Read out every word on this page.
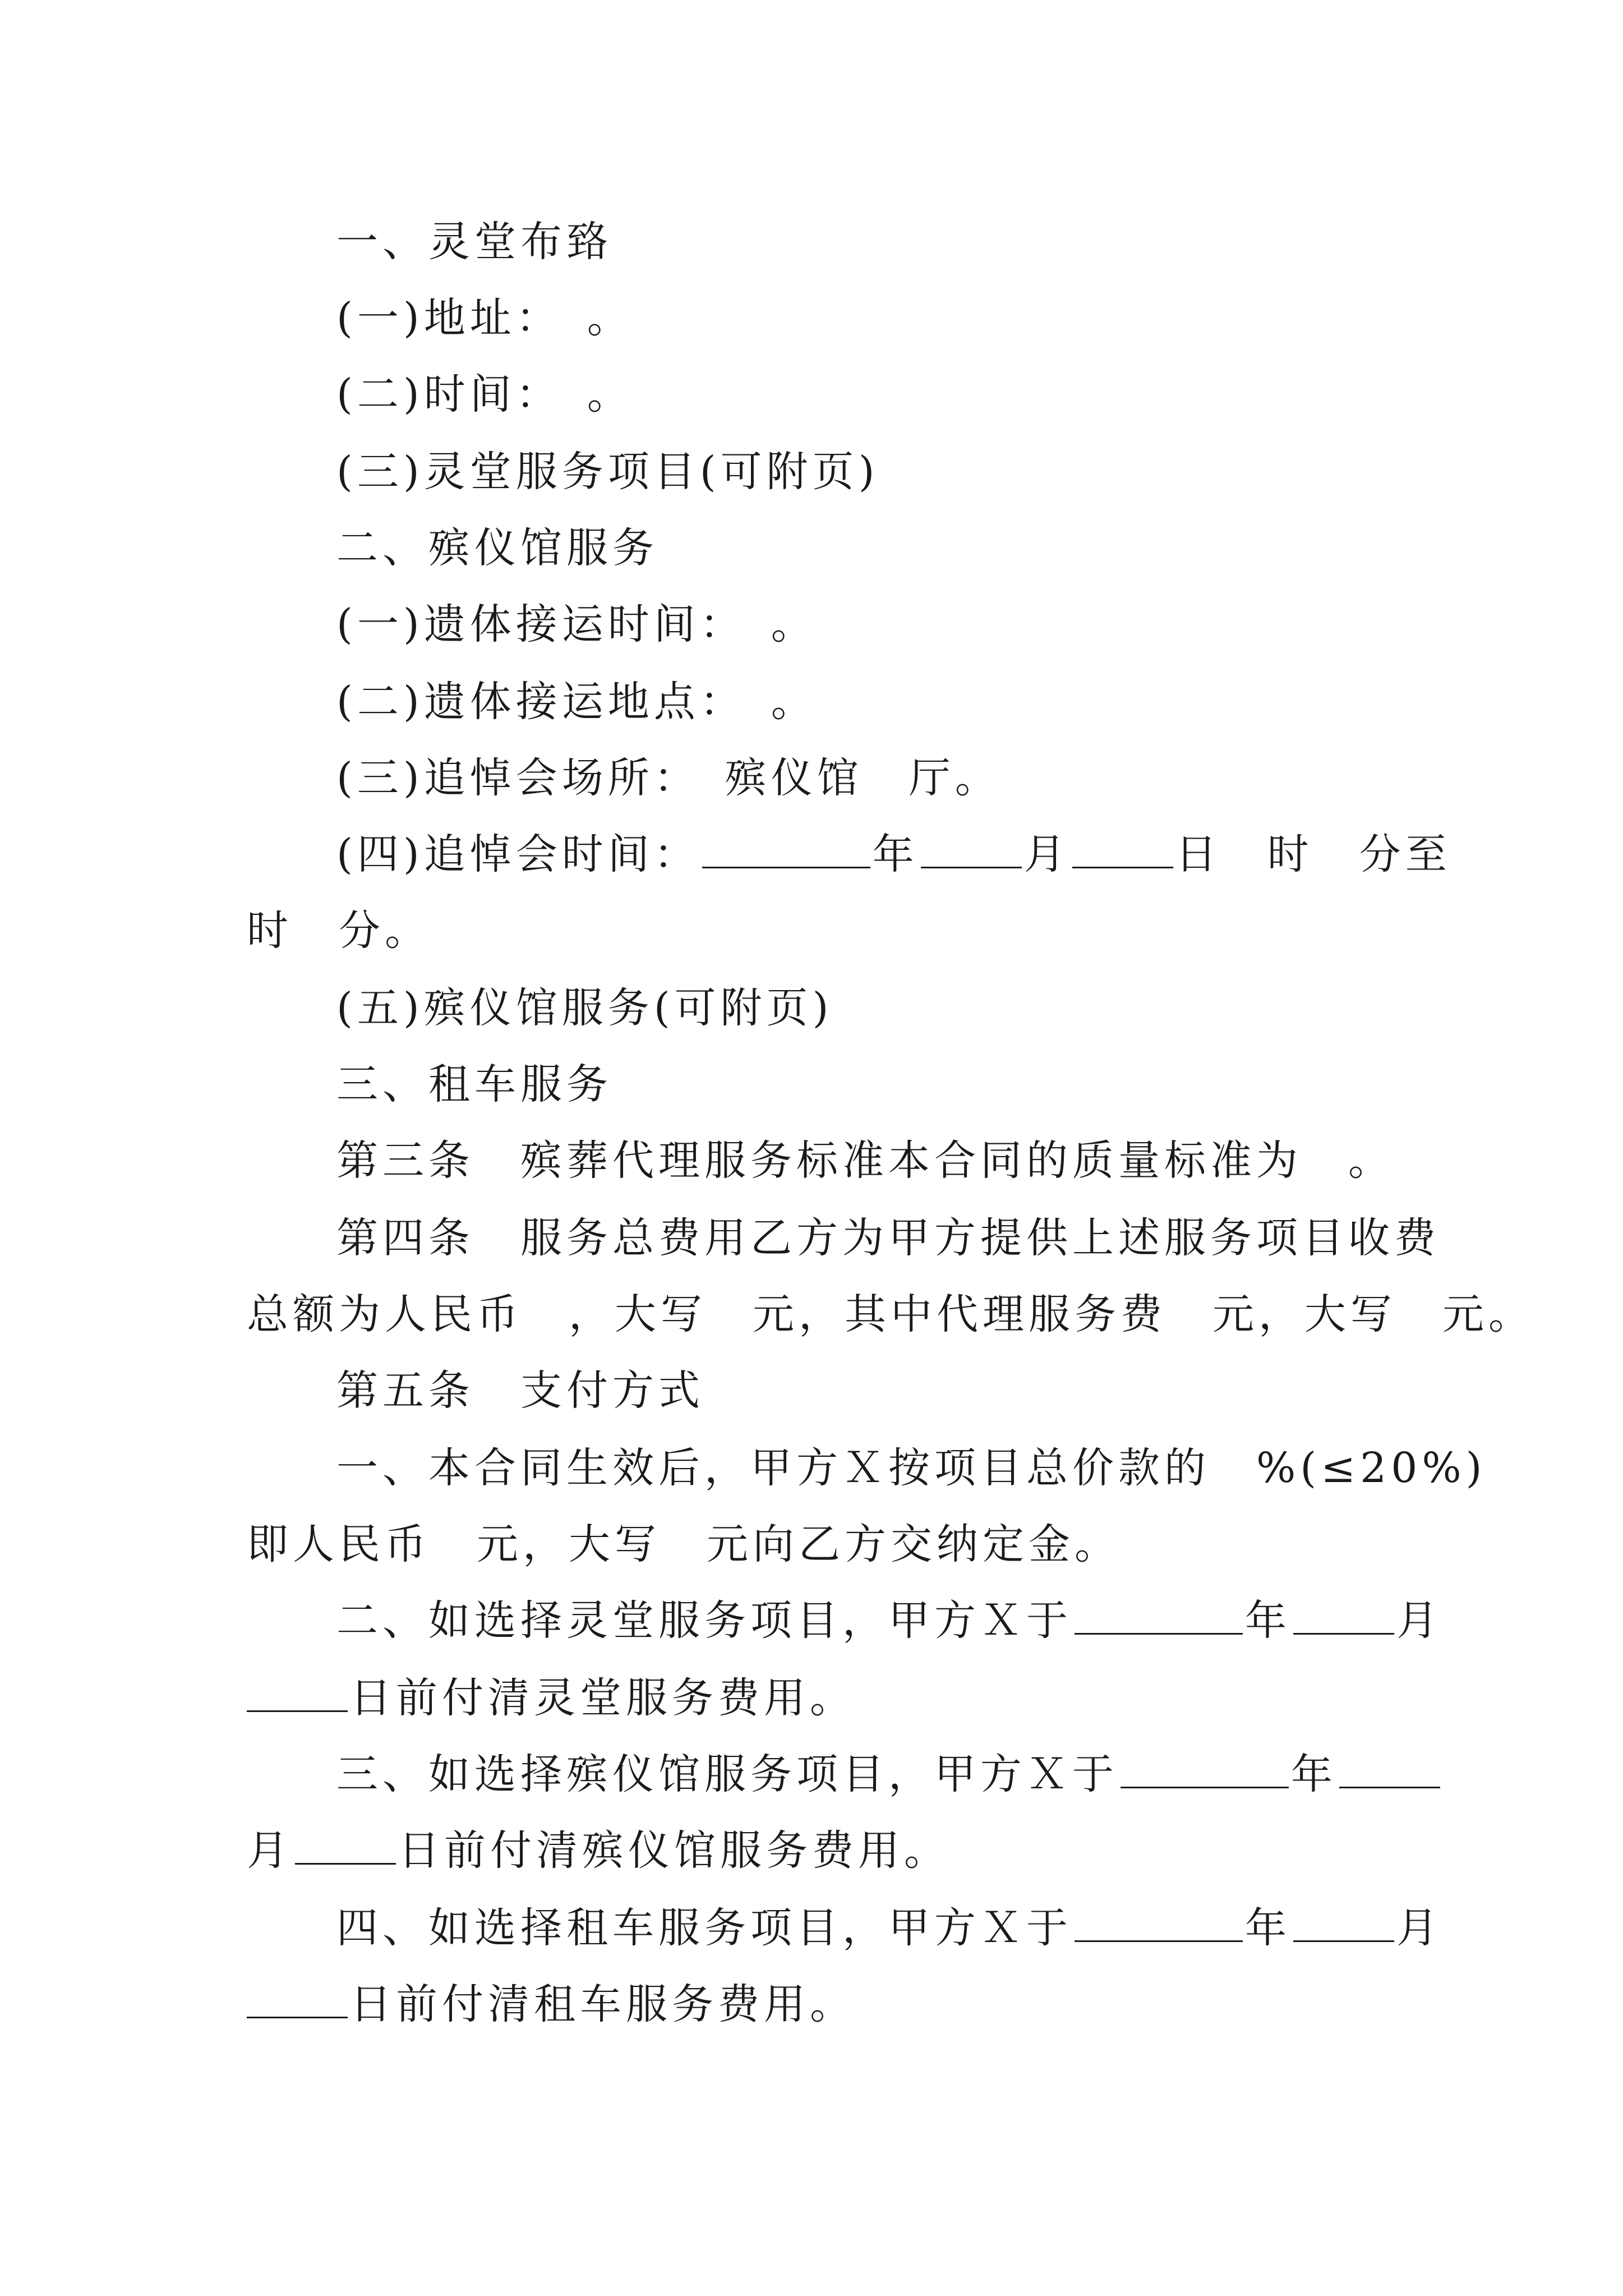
一、灵堂布臵
(一)地址：　。
(二)时间：　。
(三)灵堂服务项目(可附页)
二、殡仪馆服务
(一)遗体接运时间：　。
(二)遗体接运地点：　。
(三)追悼会场所：　殡仪馆　厅。
(四)追悼会时间：	年	月	日　时　分至
时　分。
(五)殡仪馆服务(可附页)
三、租车服务
第三条　殡葬代理服务标准本合同的质量标准为　。
第四条　服务总费用乙方为甲方提供上述服务项目收费
总额为人民币　，大写　元，其中代理服务费　元，大写　元。
第五条　支付方式
一、本合同生效后，甲方Ｘ按项目总价款的　%(≤20%)
即人民币　元，大写　元向乙方交纳定金。
二、如选择灵堂服务项目，甲方Ｘ于	年	月
日前付清灵堂服务费用。
三、如选择殡仪馆服务项目，甲方Ｘ于	年
月	日前付清殡仪馆服务费用。
四、如选择租车服务项目，甲方Ｘ于	年	月
日前付清租车服务费用。
